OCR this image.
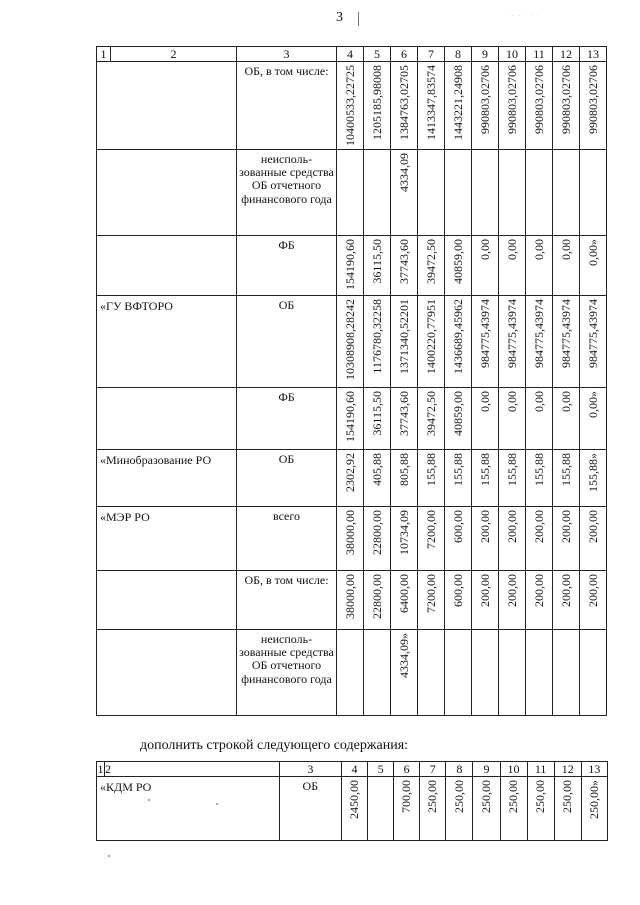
3	· · · · · ·
1	2	3	4	5	6	7	8	9	10	11	12	13
		ОБ, в том числе:	10400533,22725	1205185,98008	1384763,02705	1413347,83574	1443221,24908	990803,02706	990803,02706	990803,02706	990803,02706	990803,02706

		неисполь-зованные средства ОБ отчетного финансового года			4334,09							

		ФБ	154190,60	36115,50	37743,60	39472,50	40859,00	0,00	0,00	0,00	0,00	0,00»

«ГУ ВФТОРО		ОБ	10308908,28242	1176780,32258	1371340,52201	1400220,77951	1436689,45962	984775,43974	984775,43974	984775,43974	984775,43974	984775,43974

		ФБ	154190,60	36115,50	37743,60	39472,50	40859,00	0,00	0,00	0,00	0,00	0,00»

«Минобразование РО		ОБ	2302,92	405,88	805,88	155,88	155,88	155,88	155,88	155,88	155,88	155,88»

«МЭР РО		всего	38000,00	22800,00	10734,09	7200,00	600,00	200,00	200,00	200,00	200,00	200,00

		ОБ, в том числе:	38000,00	22800,00	6400,00	7200,00	600,00	200,00	200,00	200,00	200,00	200,00

		неисполь-зованные средства ОБ отчетного финансового года			4334,09»							

дополнить строкой следующего содержания:
1	2	3	4	5	6	7	8	9	10	11	12	13
«КДМ РО		ОБ	2450,00		700,00	250,00	250,00	250,00	250,00	250,00	250,00	250,00»
